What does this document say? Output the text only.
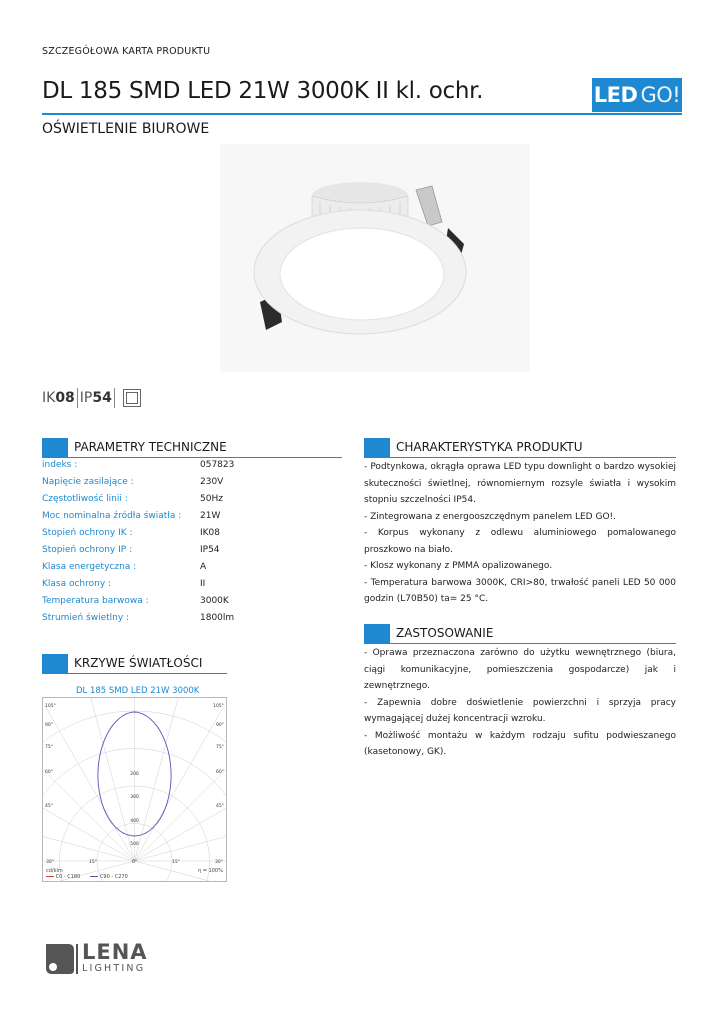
SZCZEGÓŁOWA KARTA PRODUKTU
DL 185 SMD LED 21W 3000K II kl. ochr.	LED GO!
OŚWIETLENIE BIUROWE
IK 08 IP 54
PARAMETRY TECHNICZNE
indeks :	057823
Napięcie zasilające :	230V
Częstotliwość linii :	50Hz
Moc nominalna źródła światła : 21W
Stopień ochrony IK :	IK08
Stopień ochrony IP :	IP54
Klasa energetyczna :	A
Klasa ochrony :	II
Temperatura barwowa :	3000K
Strumień świetlny :	1800lm
CHARAKTERYSTYKA PRODUKTU
- Podtynkowa, okrągła oprawa LED typu downlight o bardzo wysokiej skuteczności świetlnej, równomiernym rozsyle światła i wysokim stopniu szczelności IP54.
- Zintegrowana z energooszczędnym panelem LED GO!.
- Korpus wykonany z odlewu aluminiowego pomalowanego proszkowo na biało.
- Klosz wykonany z PMMA opalizowanego.
- Temperatura barwowa 3000K, CRI>80, trwałość paneli LED 50 000 godzin (L70B50) ta= 25 °C.
ZASTOSOWANIE
- Oprawa przeznaczona zarówno do użytku wewnętrznego (biura, ciągi komunikacyjne, pomieszczenia gospodarcze) jak i zewnętrznego.
- Zapewnia dobre doświetlenie powierzchni i sprzyja pracy wymagającej dużej koncentracji wzroku.
- Możliwość montażu w każdym rodzaju sufitu podwieszanego (kasetonowy, GK).
KRZYWE ŚWIATŁOŚCI
DL 185 SMD LED 21W 3000K
105°
90°
75°
60°
45°
105°
90°
75°
60°
45°
30°	15°	0°	15°	30°
200
300
400
500
cd/klm
C0 - C180	C90 - C270
η = 100%
LENA
LIGHTING
